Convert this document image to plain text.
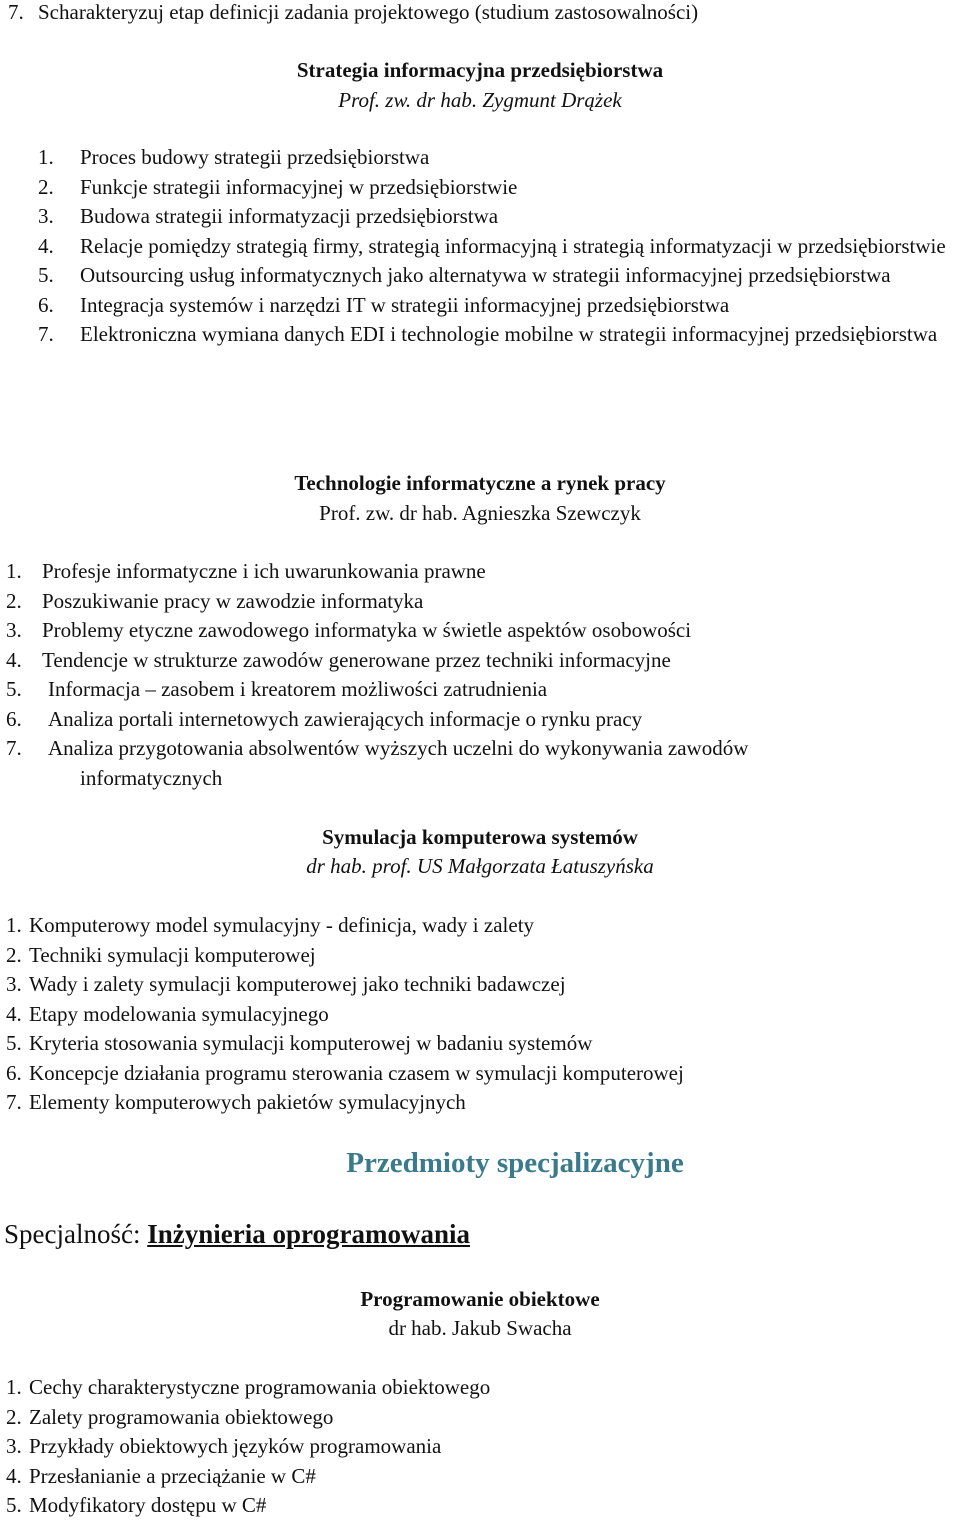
7. Scharakteryzuj etap definicji zadania projektowego (studium zastosowalności)
Strategia informacyjna przedsiębiorstwa
Prof. zw. dr hab. Zygmunt Drążek
1. Proces budowy strategii przedsiębiorstwa
2. Funkcje strategii informacyjnej w przedsiębiorstwie
3. Budowa strategii informatyzacji przedsiębiorstwa
4. Relacje pomiędzy strategią firmy, strategią informacyjną i strategią informatyzacji w przedsiębiorstwie
5. Outsourcing usług informatycznych jako alternatywa w strategii informacyjnej przedsiębiorstwa
6. Integracja systemów i narzędzi IT w strategii informacyjnej przedsiębiorstwa
7. Elektroniczna wymiana danych EDI i technologie mobilne w strategii informacyjnej przedsiębiorstwa
Technologie informatyczne a rynek pracy
Prof. zw. dr hab. Agnieszka Szewczyk
1. Profesje informatyczne i ich uwarunkowania prawne
2. Poszukiwanie pracy w zawodzie informatyka
3. Problemy etyczne zawodowego informatyka w świetle aspektów osobowości
4. Tendencje w strukturze zawodów generowane przez techniki informacyjne
5. Informacja – zasobem i kreatorem możliwości zatrudnienia
6. Analiza portali internetowych zawierających informacje o rynku pracy
7. Analiza przygotowania absolwentów wyższych uczelni do wykonywania zawodów
informatycznych
Symulacja komputerowa systemów
dr hab. prof. US Małgorzata Łatuszyńska
1. Komputerowy model symulacyjny - definicja, wady i zalety
2. Techniki symulacji komputerowej
3. Wady i zalety symulacji komputerowej jako techniki badawczej
4. Etapy modelowania symulacyjnego
5. Kryteria stosowania symulacji komputerowej w badaniu systemów
6. Koncepcje działania programu sterowania czasem w symulacji komputerowej
7. Elementy komputerowych pakietów symulacyjnych
Przedmioty specjalizacyjne
Specjalność: Inżynieria oprogramowania
Programowanie obiektowe
dr hab. Jakub Swacha
1. Cechy charakterystyczne programowania obiektowego
2. Zalety programowania obiektowego
3. Przykłady obiektowych języków programowania
4. Przesłanianie a przeciążanie w C#
5. Modyfikatory dostępu w C#
